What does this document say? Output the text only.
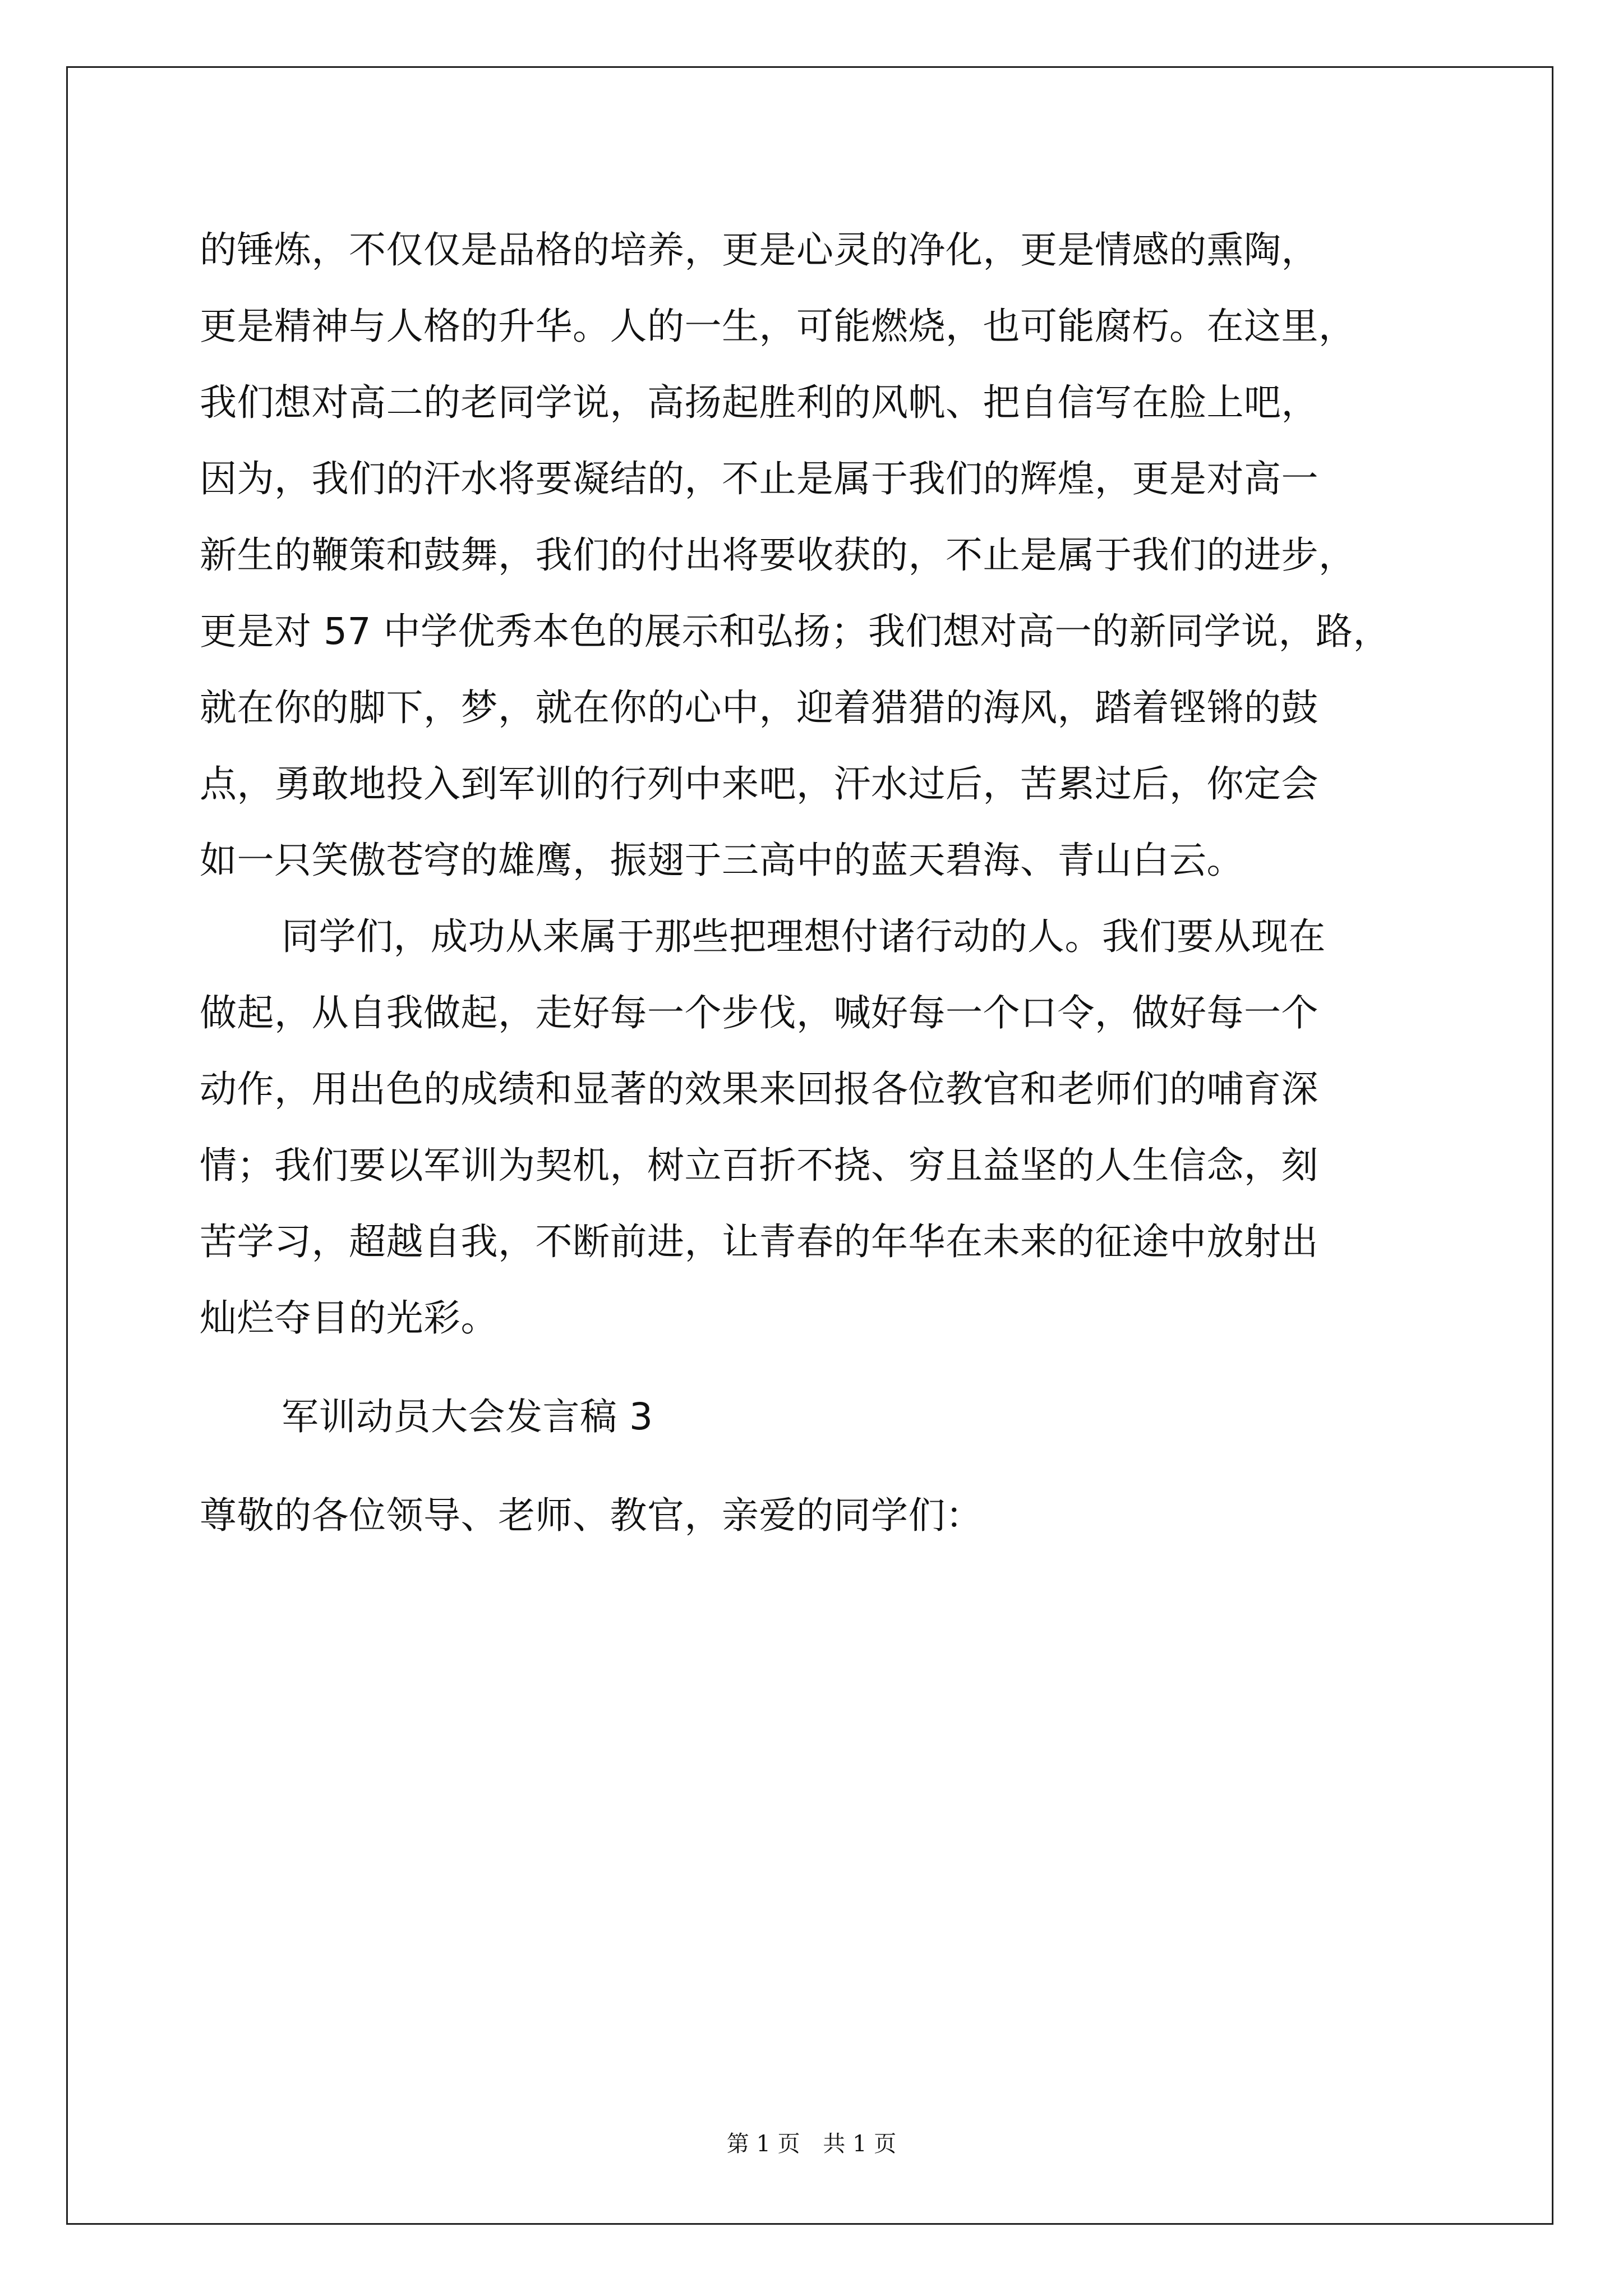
的锤炼，不仅仅是品格的培养，更是心灵的净化，更是情感的熏陶，
更是精神与人格的升华。人的一生，可能燃烧，也可能腐朽。在这里，
我们想对高二的老同学说，高扬起胜利的风帆、把自信写在脸上吧，
因为，我们的汗水将要凝结的，不止是属于我们的辉煌，更是对高一
新生的鞭策和鼓舞，我们的付出将要收获的，不止是属于我们的进步，
更是对 57 中学优秀本色的展示和弘扬；我们想对高一的新同学说，路，
就在你的脚下，梦，就在你的心中，迎着猎猎的海风，踏着铿锵的鼓
点，勇敢地投入到军训的行列中来吧，汗水过后，苦累过后，你定会
如一只笑傲苍穹的雄鹰，振翅于三高中的蓝天碧海、青山白云。
同学们，成功从来属于那些把理想付诸行动的人。我们要从现在
做起，从自我做起，走好每一个步伐，喊好每一个口令，做好每一个
动作，用出色的成绩和显著的效果来回报各位教官和老师们的哺育深
情；我们要以军训为契机，树立百折不挠、穷且益坚的人生信念，刻
苦学习，超越自我，不断前进，让青春的年华在未来的征途中放射出
灿烂夺目的光彩。
军训动员大会发言稿 3
尊敬的各位领导、老师、教官，亲爱的同学们：
第 1 页 共 1 页
